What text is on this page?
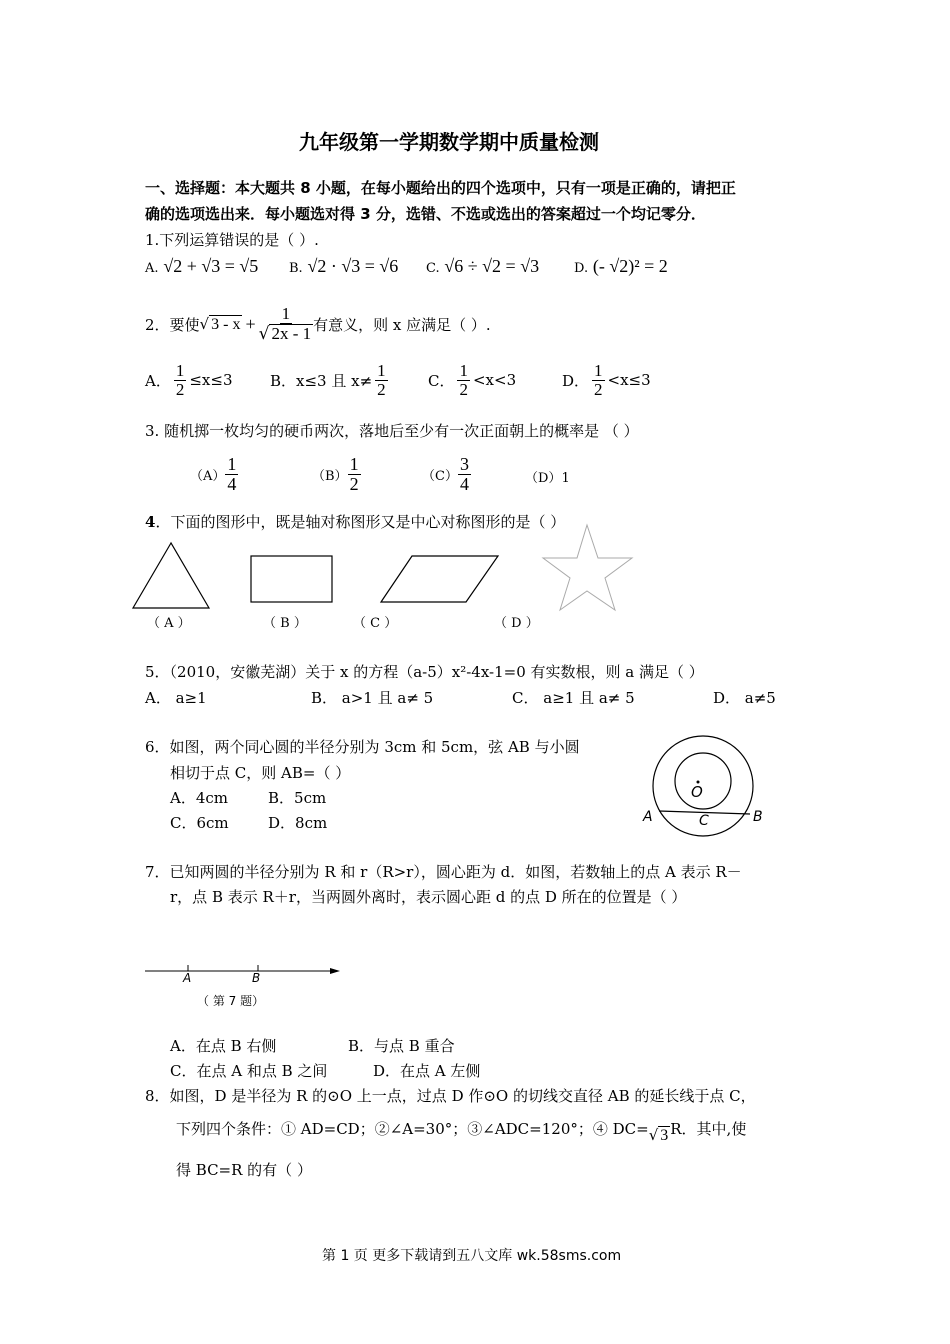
九年级第一学期数学期中质量检测
一、选择题：本大题共 8 小题，在每小题给出的四个选项中，只有一项是正确的，请把正
确的选项选出来．每小题选对得 3 分，选错、不选或选出的答案超过一个均记零分．
1.下列运算错误的是（ ）.
A. √2 + √3 = √5 B. √2 · √3 = √6 C. √6 ÷ √2 = √3	D. (- √2)² = 2
2．要使 √ $3 - x + \frac{1}{√ 2x - 1}$ 有意义，则 x 应满足（ ）.
A． $\frac{1}{2} \le x\le 3$	B． x≤3 且 $x\ne \frac{1}{2}$	C． $\frac{1}{2} <x<3$	D． $\frac{1}{2} <x\le 3$
3. 随机掷一枚均匀的硬币两次，落地后至少有一次正面朝上的概率是 （ ）
$(A) \frac{1}{4}$	$(B) \frac{1}{2}$	$(C) \frac{3}{4}$	（D）1
4．下面的图形中，既是轴对称图形又是中心对称图形的是（ ）
（ A ）	（ B ）	（ C ）	（ D ）
5．（2010，安徽芜湖）关于 x 的方程（a-5）x²-4x-1=0 有实数根，则 a 满足（ ）
A． a≥1	B． a>1 且 a≠ 5	C． a≥1 且 a≠ 5	D． a≠5
6．如图，两个同心圆的半径分别为 3cm 和 5cm，弦 AB 与小圆
相切于点 C，则 AB=（ ）
A．4cm	B．5cm
C．6cm	D．8cm
O
A	B
C
7．已知两圆的半径分别为 R 和 r（R>r），圆心距为 d．如图，若数轴上的点 A 表示 R－
r，点 B 表示 R＋r，当两圆外离时，表示圆心距 d 的点 D 所在的位置是（ ）
A	B
（ 第 7 题）
A．在点 B 右侧	B．与点 B 重合
C．在点 A 和点 B 之间	D．在点 A 左侧
8．如图，D 是半径为 R 的⊙O 上一点，过点 D 作⊙O 的切线交直径 AB 的延长线于点 C，
下列四个条件：① AD=CD；②∠A=30°；③∠ADC=120°；④ DC= √ 3 R．其中,使
得 BC=R 的有（ ）
第 1 页 更多下载请到五八文库 wk.58sms.com
